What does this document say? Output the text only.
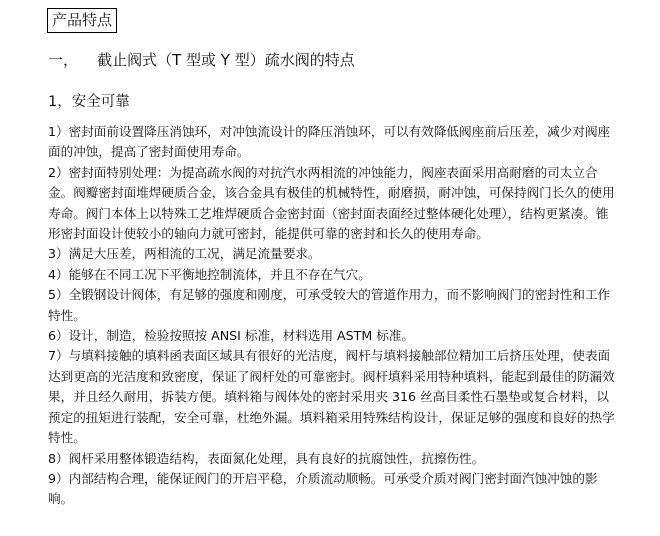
产品特点
一，    截止阀式（T 型或 Y 型）疏水阀的特点
1，安全可靠

1）密封面前设置降压消蚀环，对冲蚀流设计的降压消蚀环，可以有效降低阀座前后压差，减少对阀座面的冲蚀，提高了密封面使用寿命。

2）密封面特别处理：为提高疏水阀的对抗汽水两相流的冲蚀能力，阀座表面采用高耐磨的司太立合金。阀瓣密封面堆焊硬质合金，该合金具有极佳的机械特性，耐磨损，耐冲蚀，可保持阀门长久的使用寿命。阀门本体上以特殊工艺堆焊硬质合金密封面（密封面表面经过整体硬化处理），结构更紧凑。锥形密封面设计使较小的轴向力就可密封，能提供可靠的密封和长久的使用寿命。

3）满足大压差，两相流的工况，满足流量要求。

4）能够在不同工况下平衡地控制流体，并且不存在气穴。

5）全锻钢设计阀体，有足够的强度和刚度，可承受较大的管道作用力，而不影响阀门的密封性和工作特性。

6）设计，制造，检验按照按 ANSI 标准，材料选用 ASTM 标准。

7）与填料接触的填料函表面区域具有很好的光洁度，阀杆与填料接触部位精加工后挤压处理，使表面达到更高的光洁度和致密度，保证了阀杆处的可靠密封。阀杆填料采用特种填料，能起到最佳的防漏效果，并且经久耐用，拆装方便。填料箱与阀体处的密封采用夹 316 丝高目柔性石墨垫或复合材料，以预定的扭矩进行装配，安全可靠，杜绝外漏。填料箱采用特殊结构设计，保证足够的强度和良好的热学特性。

8）阀杆采用整体锻造结构，表面氮化处理，具有良好的抗腐蚀性，抗擦伤性。

9）内部结构合理，能保证阀门的开启平稳，介质流动顺畅。可承受介质对阀门密封面汽蚀冲蚀的影响。
